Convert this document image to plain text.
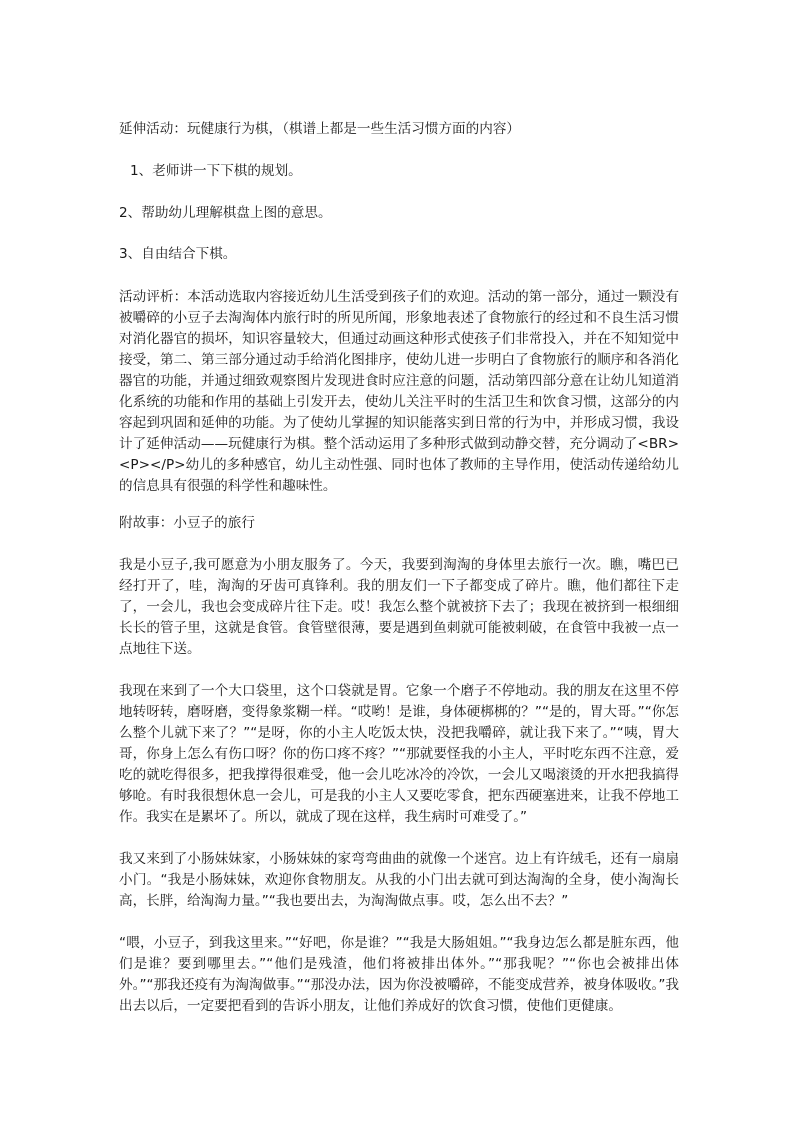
延伸活动：玩健康行为棋，（棋谱上都是一些生活习惯方面的内容）

1、老师讲一下下棋的规划。

2、帮助幼儿理解棋盘上图的意思。

3、自由结合下棋。

活动评析：本活动选取内容接近幼儿生活受到孩子们的欢迎。活动的第一部分，通过一颗没有被嚼碎的小豆子去淘淘体内旅行时的所见所闻，形象地表述了食物旅行的经过和不良生活习惯对消化器官的损坏，知识容量较大，但通过动画这种形式使孩子们非常投入，并在不知知觉中接受，第二、第三部分通过动手给消化图排序，使幼儿进一步明白了食物旅行的顺序和各消化器官的功能，并通过细致观察图片发现进食时应注意的问题，活动第四部分意在让幼儿知道消化系统的功能和作用的基础上引发开去，使幼儿关注平时的生活卫生和饮食习惯，这部分的内容起到巩固和延伸的功能。为了使幼儿掌握的知识能落实到日常的行为中，并形成习惯，我设计了延伸活动——玩健康行为棋。整个活动运用了多种形式做到动静交替，充分调动了<BR><P></P>幼儿的多种感官，幼儿主动性强、同时也体了教师的主导作用，使活动传递给幼儿的信息具有很强的科学性和趣味性。

附故事：小豆子的旅行

我是小豆子,我可愿意为小朋友服务了。今天，我要到淘淘的身体里去旅行一次。瞧，嘴巴已经打开了，哇，淘淘的牙齿可真锋利。我的朋友们一下子都变成了碎片。瞧，他们都往下走了，一会儿，我也会变成碎片往下走。哎！我怎么整个就被挤下去了；我现在被挤到一根细细长长的管子里，这就是食管。食管壁很薄，要是遇到鱼刺就可能被刺破，在食管中我被一点一点地往下送。

我现在来到了一个大口袋里，这个口袋就是胃。它象一个磨子不停地动。我的朋友在这里不停地转呀转，磨呀磨，变得象浆糊一样。“哎哟！是谁，身体硬梆梆的？”“是的，胃大哥。”“你怎么整个儿就下来了？”“是呀，你的小主人吃饭太快，没把我嚼碎，就让我下来了。”“咦，胃大哥，你身上怎么有伤口呀？你的伤口疼不疼？”“那就要怪我的小主人，平时吃东西不注意，爱吃的就吃得很多，把我撑得很难受，他一会儿吃冰冷的冷饮，一会儿又喝滚烫的开水把我搞得够呛。有时我很想休息一会儿，可是我的小主人又要吃零食，把东西硬塞进来，让我不停地工作。我实在是累坏了。所以，就成了现在这样，我生病时可难受了。”

我又来到了小肠妹妹家，小肠妹妹的家弯弯曲曲的就像一个迷宫。边上有许绒毛，还有一扇扇小门。“我是小肠妹妹，欢迎你食物朋友。从我的小门出去就可到达淘淘的全身，使小淘淘长高，长胖，给淘淘力量。”“我也要出去，为淘淘做点事。哎，怎么出不去？”

“喂，小豆子，到我这里来。”“好吧，你是谁？”“我是大肠姐姐。”“我身边怎么都是脏东西，他们是谁？要到哪里去。”“他们是残渣，他们将被排出体外。”“那我呢？”“你也会被排出体外。”“那我还疫有为淘淘做事。”“那没办法，因为你没被嚼碎，不能变成营养，被身体吸收。”我出去以后，一定要把看到的告诉小朋友，让他们养成好的饮食习惯，使他们更健康。
